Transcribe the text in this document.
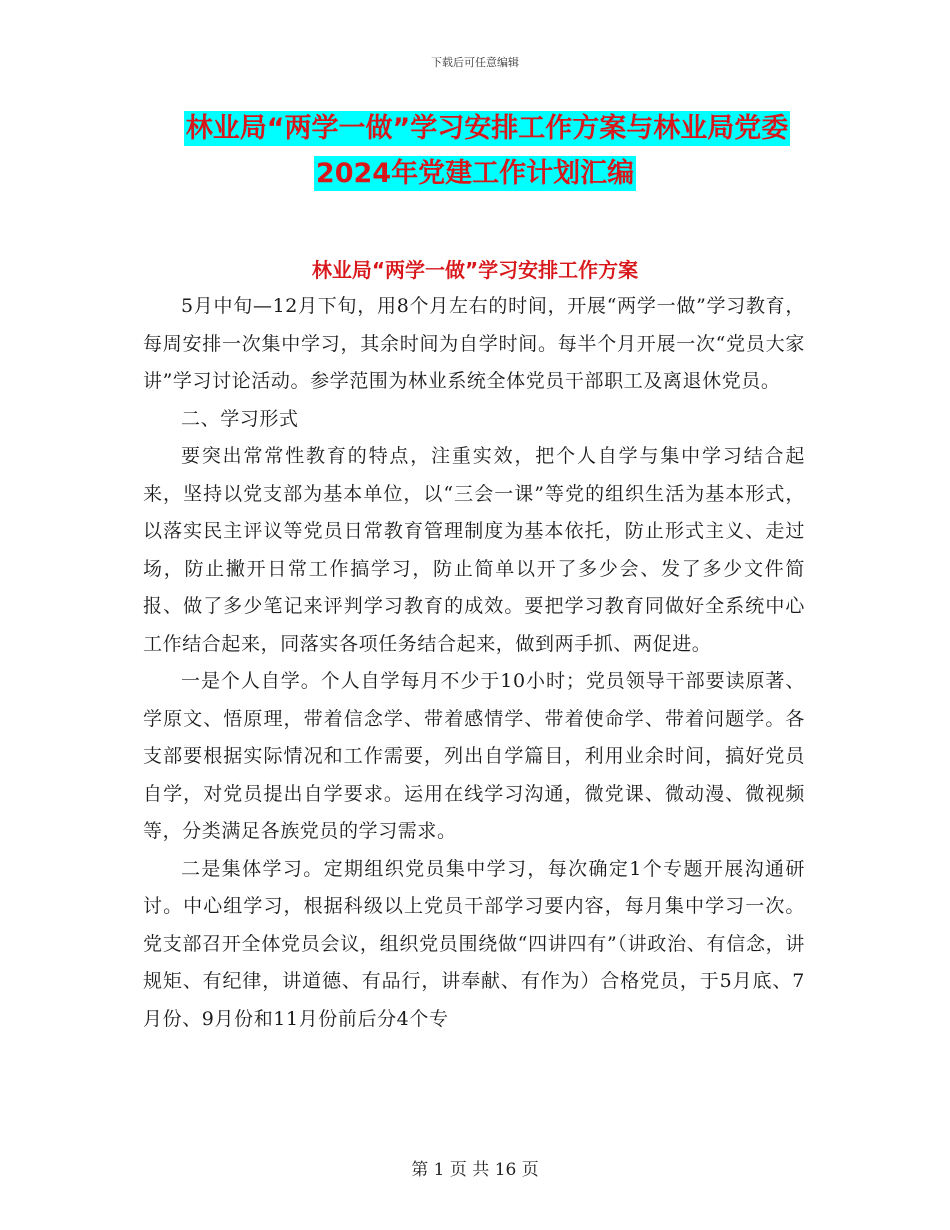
下载后可任意编辑
林业局“两学一做”学习安排工作方案与林业局党委
2024年党建工作计划汇编
林业局“两学一做”学习安排工作方案

5月中旬—12月下旬，用8个月左右的时间，开展“两学一做”学习教育，每周安排一次集中学习，其余时间为自学时间。每半个月开展一次“党员大家讲”学习讨论活动。参学范围为林业系统全体党员干部职工及离退休党员。

二、学习形式

要突出常常性教育的特点，注重实效，把个人自学与集中学习结合起来，坚持以党支部为基本单位，以“三会一课”等党的组织生活为基本形式，以落实民主评议等党员日常教育管理制度为基本依托，防止形式主义、走过场，防止撇开日常工作搞学习，防止简单以开了多少会、发了多少文件简报、做了多少笔记来评判学习教育的成效。要把学习教育同做好全系统中心工作结合起来，同落实各项任务结合起来，做到两手抓、两促进。

一是个人自学。个人自学每月不少于10小时；党员领导干部要读原著、学原文、悟原理，带着信念学、带着感情学、带着使命学、带着问题学。各支部要根据实际情况和工作需要，列出自学篇目，利用业余时间，搞好党员自学，对党员提出自学要求。运用在线学习沟通，微党课、微动漫、微视频等，分类满足各族党员的学习需求。

二是集体学习。定期组织党员集中学习，每次确定1个专题开展沟通研讨。中心组学习，根据科级以上党员干部学习要内容，每月集中学习一次。党支部召开全体党员会议，组织党员围绕做“四讲四有”（讲政治、有信念，讲规矩、有纪律，讲道德、有品行，讲奉献、有作为）合格党员，于5月底、7月份、9月份和11月份前后分4个专

第 1 页 共 16 页
